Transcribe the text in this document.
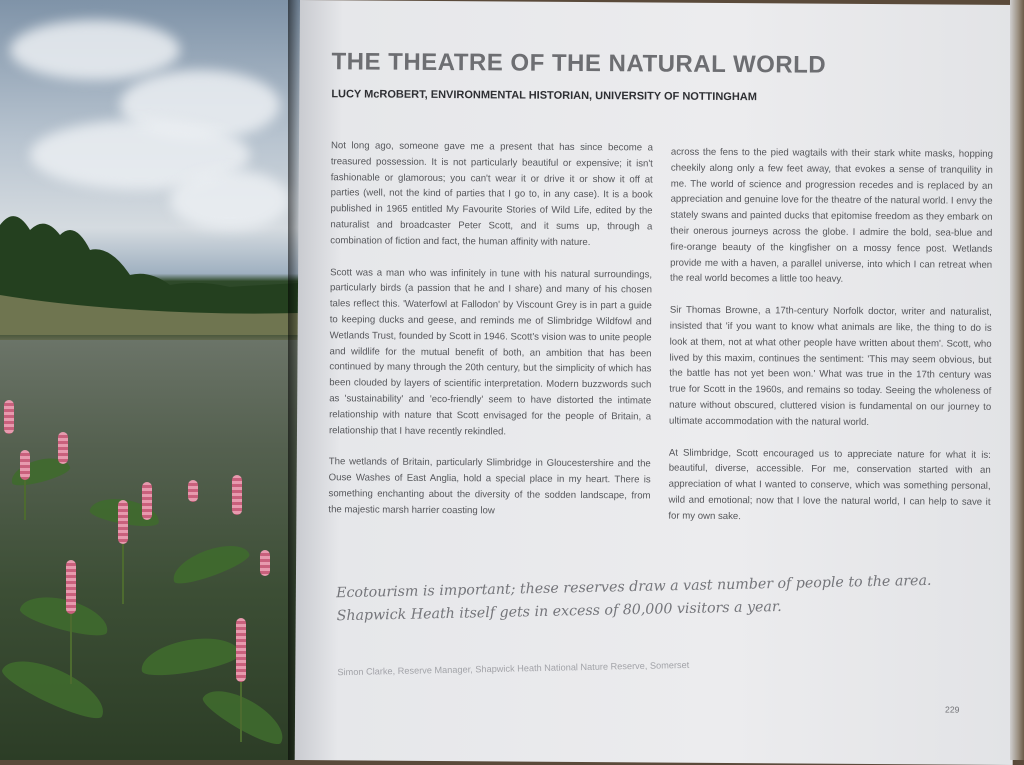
THE THEATRE OF THE NATURAL WORLD
LUCY McROBERT, ENVIRONMENTAL HISTORIAN, UNIVERSITY OF NOTTINGHAM

Not long ago, someone gave me a present that has since become a treasured possession. It is not particularly beautiful or expensive; it isn't fashionable or glamorous; you can't wear it or drive it or show it off at parties (well, not the kind of parties that I go to, in any case). It is a book published in 1965 entitled My Favourite Stories of Wild Life, edited by the naturalist and broadcaster Peter Scott, and it sums up, through a combination of fiction and fact, the human affinity with nature.

Scott was a man who was infinitely in tune with his natural surroundings, particularly birds (a passion that he and I share) and many of his chosen tales reflect this. 'Waterfowl at Fallodon' by Viscount Grey is in part a guide to keeping ducks and geese, and reminds me of Slimbridge Wildfowl and Wetlands Trust, founded by Scott in 1946. Scott's vision was to unite people and wildlife for the mutual benefit of both, an ambition that has been continued by many through the 20th century, but the simplicity of which has been clouded by layers of scientific interpretation. Modern buzzwords such as 'sustainability' and 'eco-friendly' seem to have distorted the intimate relationship with nature that Scott envisaged for the people of Britain, a relationship that I have recently rekindled.

The wetlands of Britain, particularly Slimbridge in Gloucestershire and the Ouse Washes of East Anglia, hold a special place in my heart. There is something enchanting about the diversity of the sodden landscape, from the majestic marsh harrier coasting low

across the fens to the pied wagtails with their stark white masks, hopping cheekily along only a few feet away, that evokes a sense of tranquility in me. The world of science and progression recedes and is replaced by an appreciation and genuine love for the theatre of the natural world. I envy the stately swans and painted ducks that epitomise freedom as they embark on their onerous journeys across the globe. I admire the bold, sea-blue and fire-orange beauty of the kingfisher on a mossy fence post. Wetlands provide me with a haven, a parallel universe, into which I can retreat when the real world becomes a little too heavy.

Sir Thomas Browne, a 17th-century Norfolk doctor, writer and naturalist, insisted that 'if you want to know what animals are like, the thing to do is look at them, not at what other people have written about them'. Scott, who lived by this maxim, continues the sentiment: 'This may seem obvious, but the battle has not yet been won.' What was true in the 17th century was true for Scott in the 1960s, and remains so today. Seeing the wholeness of nature without obscured, cluttered vision is fundamental on our journey to ultimate accommodation with the natural world.

At Slimbridge, Scott encouraged us to appreciate nature for what it is: beautiful, diverse, accessible. For me, conservation started with an appreciation of what I wanted to conserve, which was something personal, wild and emotional; now that I love the natural world, I can help to save it for my own sake.

Ecotourism is important; these reserves draw a vast number of people to the area.
Shapwick Heath itself gets in excess of 80,000 visitors a year.
Simon Clarke, Reserve Manager, Shapwick Heath National Nature Reserve, Somerset
229
